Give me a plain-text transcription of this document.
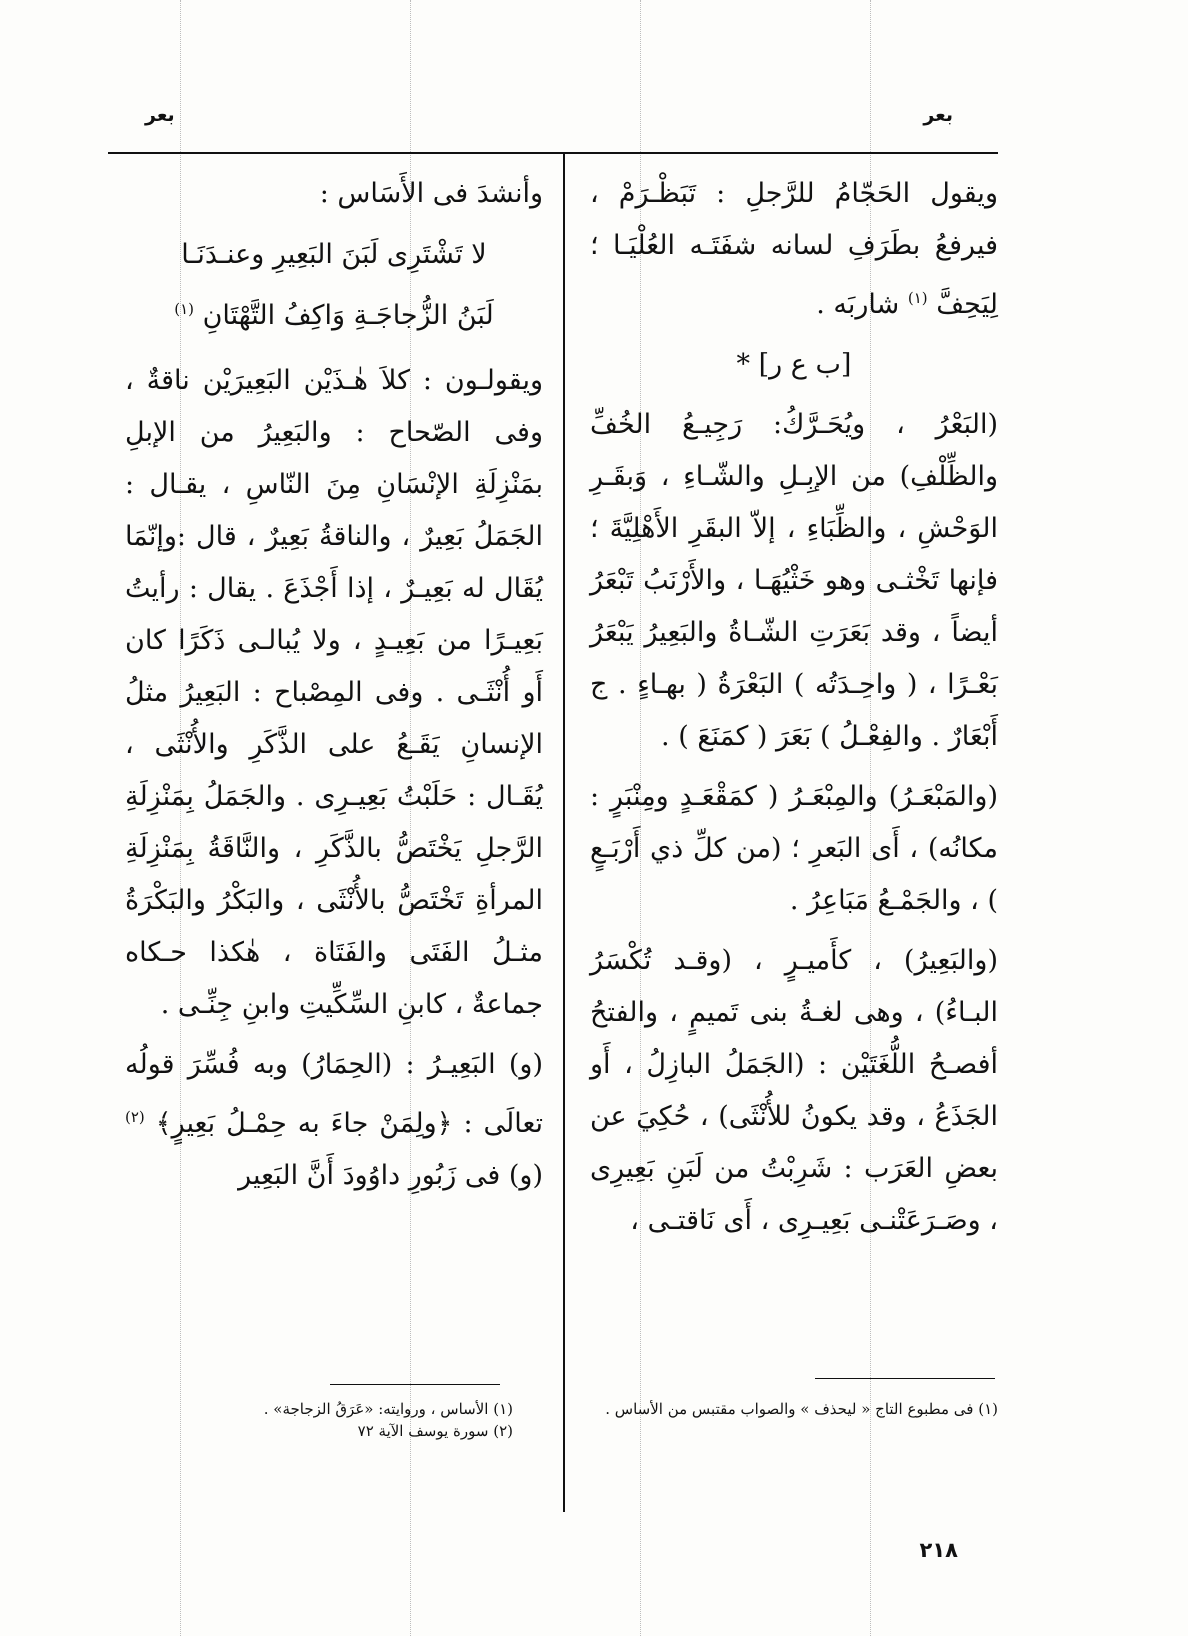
بعر
بعر

ويقول الحَجّامُ للرَّجلِ : تَبَظْـرَمْ ، فيرفعُ بطَرَفِ لسانه شفَتَـه العُلْيَـا ؛ لِيَحِفَّ $^{(١)}$ شاربَه .

[ب ع ر] *

(البَعْرُ ، ويُحَـرَّكُ: رَجِيـعُ الخُفِّ والظِّلْفِ) من الإبِـلِ والشّـاءِ ، وَبقَـرِ الوَحْشِ ، والظِّبَاءِ ، إلاّ البقَرِ الأَهْلِيَّةَ ؛ فإنها تَخْثـى وهو خَثْيُهَـا ، والأَرْنَبُ تَبْعَرُ أيضاً ، وقد بَعَرَتِ الشّـاةُ والبَعِيرُ يَبْعَرُ بَعْـرًا ، ( واحِـدَتُه ) البَعْرَةُ ( بهـاءٍ . ج أَبْعَارٌ . والفِعْـلُ ) بَعَرَ ( كمَنَعَ ) .

(والمَبْعَـرُ) والمِبْعَـرُ ( كمَقْعَـدٍ ومِنْبَرٍ : مكانُه) ، أَى البَعرِ ؛ (من كلِّ ذي أَرْبَـعٍ ) ، والجَمْـعُ مَبَاعِرُ .

(والبَعِيرُ) ، كأَميـرٍ ، (وقـد تُكْسَرُ البـاءُ) ، وهى لغـةُ بنى تَميمٍ ، والفتحُ أفصـحُ اللُّغَتَيْن : (الجَمَلُ البازِلُ ، أَو الجَذَعُ ، وقد يكونُ للأُنْثَى) ، حُكِيَ عن بعضِ العَرَب : شَرِبْتُ من لَبَنِ بَعِيرِى ، وصَـرَعَتْنـى بَعِيـرِى ، أَى نَاقتـى ،

وأنشدَ فى الأَسَاس :

لا تَشْتَرِى لَبَنَ البَعِيرِ وعنـدَنَـا
لَبَنُ الزُّجاجَـةِ وَاكِفُ التَّهْتَانِ $^{(١)}$

ويقولـون : كلاَ هٰـذَيْن البَعِيرَيْن ناقةٌ ، وفى الصّحاح : والبَعِيرُ من الإبلِ بمَنْزِلَةِ الإنْسَانِ مِنَ النّاسِ ، يقـال : الجَمَلُ بَعِيرٌ ، والناقةُ بَعِيرٌ ، قال :وإنّمَا يُقَال له بَعِيـرٌ ، إذا أَجْذَعَ . يقال : رأيتُ بَعِيـرًا من بَعِيـدٍ ، ولا يُبالـى ذَكَرًا كان أَو أُنْثَـى . وفى المِصْباح : البَعِيرُ مثلُ الإنسانِ يَقَـعُ على الذَّكَرِ والأُنْثَى ، يُقَـال : حَلَبْتُ بَعِيـرِى . والجَمَلُ بِمَنْزِلَةِ الرَّجلِ يَخْتَصُّ بالذَّكَرِ ، والنَّاقَةُ بِمَنْزِلَةِ المرأةِ تَخْتَصُّ بالأُنْثَى ، والبَكْرُ والبَكْرَةُ مثـلُ الفَتَى والفَتَاة ، هٰكذا حـكاه جماعةٌ ، كابنِ السِّكِّيتِ وابنِ جِنِّـى .

(و) البَعِيـرُ : (الحِمَارُ) وبه فُسِّرَ قولُه تعالَى : ﴿ولِمَنْ جاءَ به حِمْـلُ بَعِيرٍ﴾ $^{(٢)}$ (و) فى زَبُورِ داوُودَ أَنَّ البَعِير

(١) فى مطبوع التاج « ليحذف » والصواب مقتبس من الأساس .
(١) الأساس ، وروايته: «عَرَقُ الزجاجة» .
(٢) سورة يوسف الآية ٧٢
٢١٨
